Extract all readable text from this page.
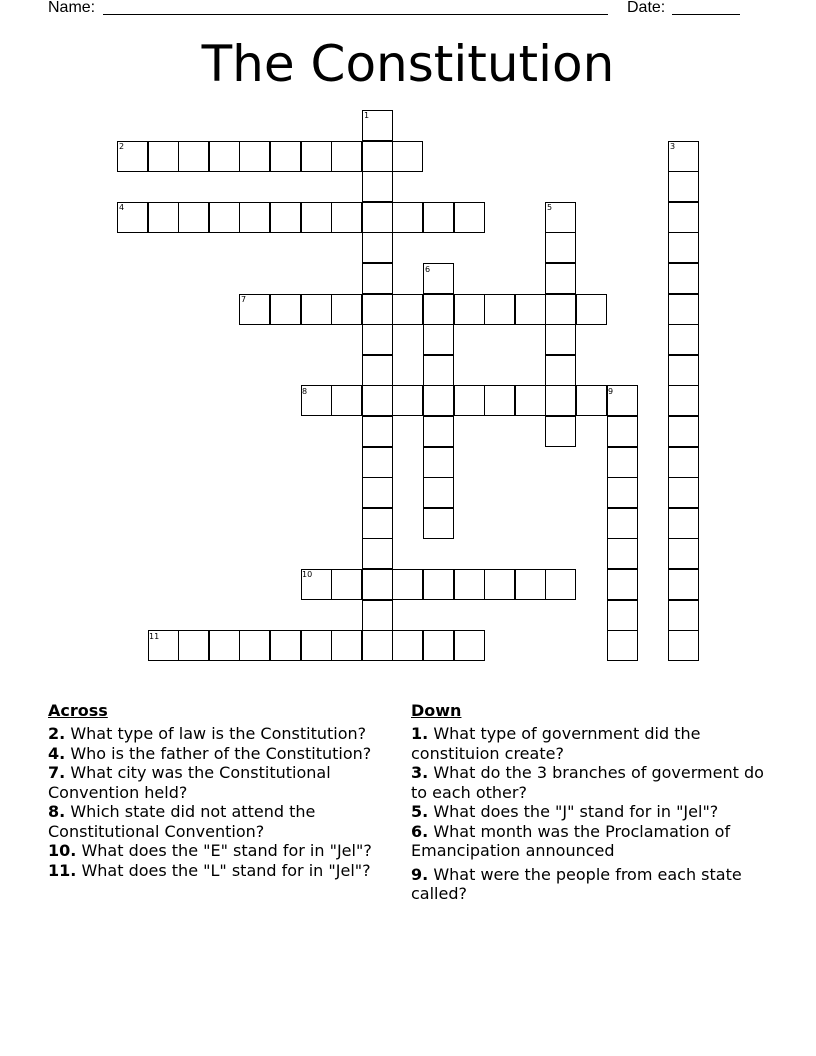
Name:	Date:
The Constitution
1
2	3
4	5
6
7
8	9
10
11
Across

2. What type of law is the Constitution?

4. Who is the father of the Constitution?

7. What city was the Constitutional Convention held?

8. Which state did not attend the Constitutional Convention?

10. What does the "E" stand for in "Jel"?

11. What does the "L" stand for in "Jel"?

Down

1. What type of government did the constituion create?

3. What do the 3 branches of goverment do to each other?

5. What does the "J" stand for in "Jel"?

6. What month was the Proclamation of Emancipation announced

9. What were the people from each state called?
